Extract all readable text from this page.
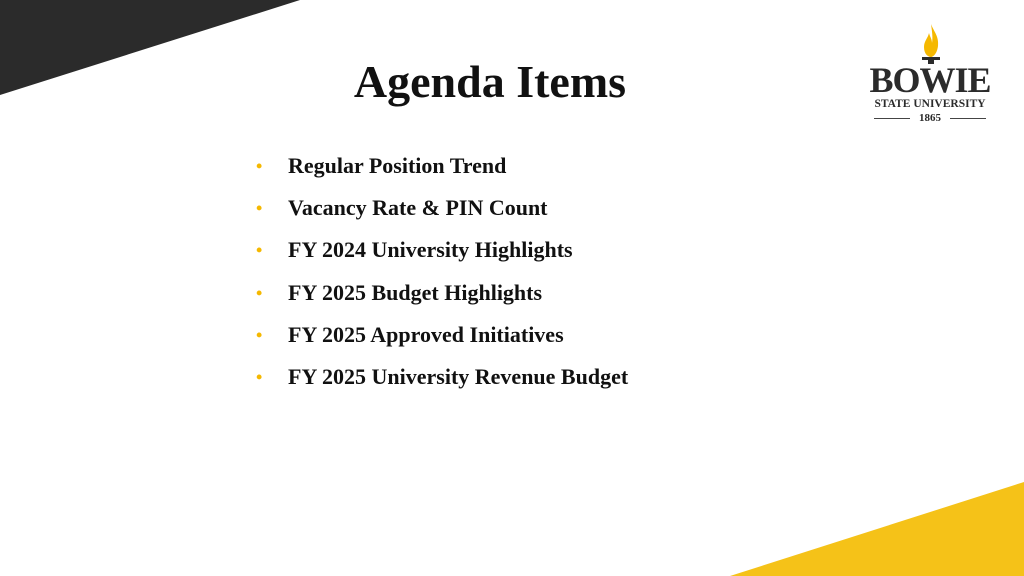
Agenda Items
• Regular Position Trend
• Vacancy Rate & PIN Count
• FY 2024 University Highlights
• FY 2025 Budget Highlights
• FY 2025 Approved Initiatives
• FY 2025 University Revenue Budget
BOWIE
STATE UNIVERSITY
1865
